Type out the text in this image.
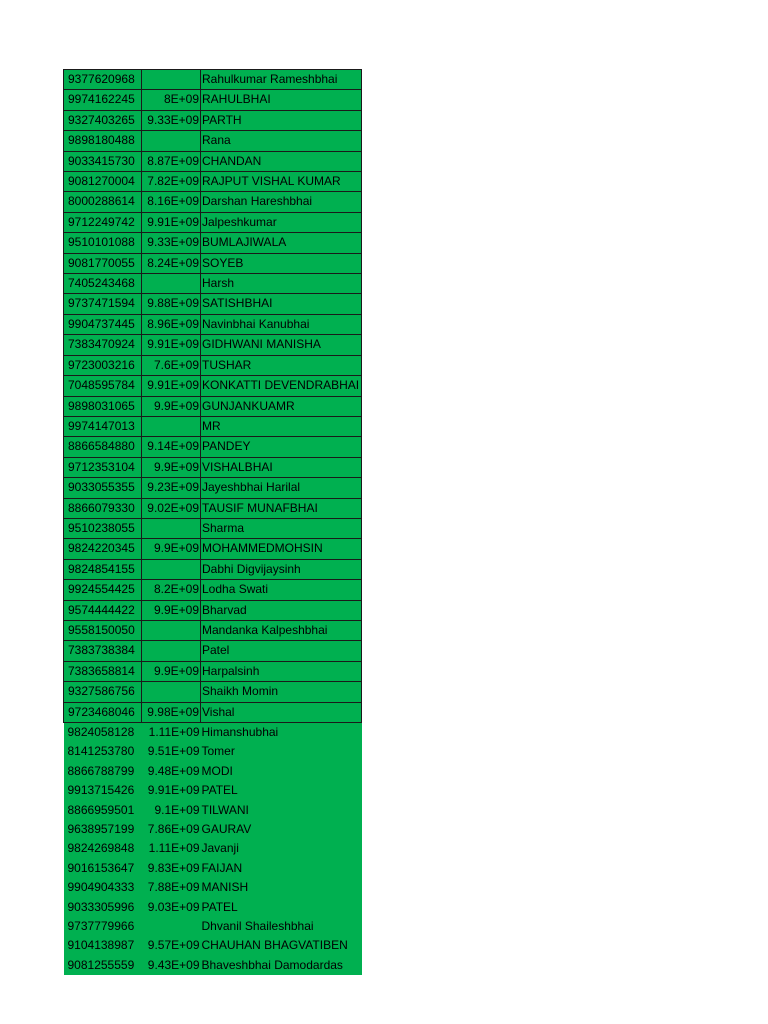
9377620968		Rahulkumar Rameshbhai
9974162245	8E+09	RAHULBHAI
9327403265	9.33E+09	PARTH
9898180488		Rana
9033415730	8.87E+09	CHANDAN
9081270004	7.82E+09	RAJPUT VISHAL KUMAR
8000288614	8.16E+09	Darshan Hareshbhai
9712249742	9.91E+09	Jalpeshkumar
9510101088	9.33E+09	BUMLAJIWALA
9081770055	8.24E+09	SOYEB
7405243468		Harsh
9737471594	9.88E+09	SATISHBHAI
9904737445	8.96E+09	Navinbhai Kanubhai
7383470924	9.91E+09	GIDHWANI MANISHA
9723003216	7.6E+09	TUSHAR
7048595784	9.91E+09	KONKATTI DEVENDRABHAI
9898031065	9.9E+09	GUNJANKUAMR
9974147013		MR
8866584880	9.14E+09	PANDEY
9712353104	9.9E+09	VISHALBHAI
9033055355	9.23E+09	Jayeshbhai Harilal
8866079330	9.02E+09	TAUSIF MUNAFBHAI
9510238055		Sharma
9824220345	9.9E+09	MOHAMMEDMOHSIN
9824854155		Dabhi Digvijaysinh
9924554425	8.2E+09	Lodha Swati
9574444422	9.9E+09	Bharvad
9558150050		Mandanka Kalpeshbhai
7383738384		Patel
7383658814	9.9E+09	Harpalsinh
9327586756		Shaikh Momin
9723468046	9.98E+09	Vishal
9824058128	1.11E+09	Himanshubhai
8141253780	9.51E+09	Tomer
8866788799	9.48E+09	MODI
9913715426	9.91E+09	PATEL
8866959501	9.1E+09	TILWANI
9638957199	7.86E+09	GAURAV
9824269848	1.11E+09	Javanji
9016153647	9.83E+09	FAIJAN
9904904333	7.88E+09	MANISH
9033305996	9.03E+09	PATEL
9737779966		Dhvanil Shaileshbhai
9104138987	9.57E+09	CHAUHAN BHAGVATIBEN
9081255559	9.43E+09	Bhaveshbhai Damodardas
